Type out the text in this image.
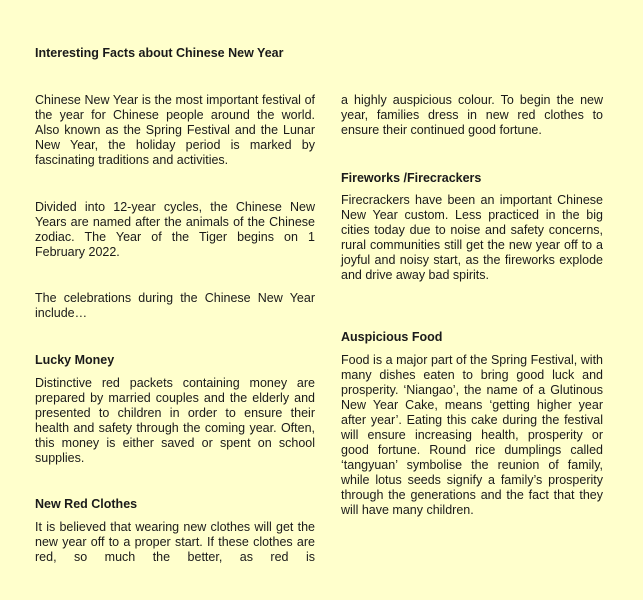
Interesting Facts about Chinese New Year

Chinese New Year is the most important festival of the year for Chinese people around the world. Also known as the Spring Festival and the Lunar New Year, the holiday period is marked by fascinating traditions and activities.

Divided into 12-year cycles, the Chinese New Years are named after the animals of the Chinese zodiac. The Year of the Tiger begins on 1 February 2022.

The celebrations during the Chinese New Year include…

Lucky Money

Distinctive red packets containing money are prepared by married couples and the elderly and presented to children in order to ensure their health and safety through the coming year. Often, this money is either saved or spent on school supplies.

New Red Clothes

It is believed that wearing new clothes will get the new year off to a proper start. If these clothes are red, so much the better, as red is

a highly auspicious colour. To begin the new year, families dress in new red clothes to ensure their continued good fortune.

Fireworks /Firecrackers

Firecrackers have been an important Chinese New Year custom. Less practiced in the big cities today due to noise and safety concerns, rural communities still get the new year off to a joyful and noisy start, as the fireworks explode and drive away bad spirits.

Auspicious Food

Food is a major part of the Spring Festival, with many dishes eaten to bring good luck and prosperity. ‘Niangao’, the name of a Glutinous New Year Cake, means ‘getting higher year after year’. Eating this cake during the festival will ensure increasing health, prosperity or good fortune. Round rice dumplings called ‘tangyuan’ symbolise the reunion of family, while lotus seeds signify a family’s prosperity through the generations and the fact that they will have many children.
